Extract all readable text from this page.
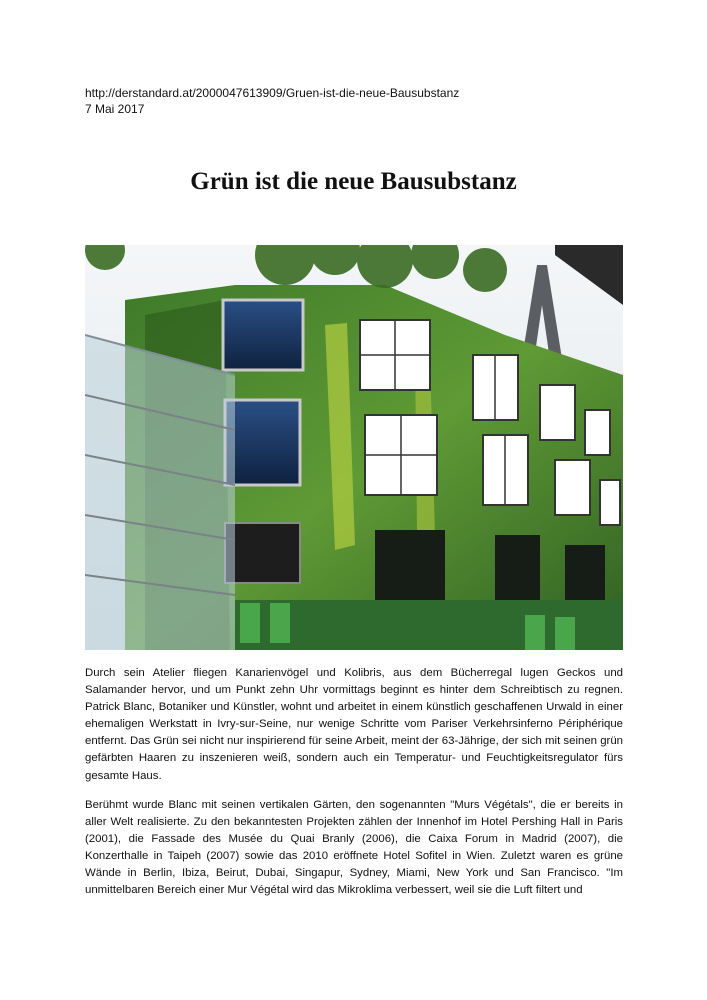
http://derstandard.at/2000047613909/Gruen-ist-die-neue-Bausubstanz
7 Mai 2017
Grün ist die neue Bausubstanz

Durch sein Atelier fliegen Kanarienvögel und Kolibris, aus dem Bücherregal lugen Geckos und Salamander hervor, und um Punkt zehn Uhr vormittags beginnt es hinter dem Schreibtisch zu regnen. Patrick Blanc, Botaniker und Künstler, wohnt und arbeitet in einem künstlich geschaffenen Urwald in einer ehemaligen Werkstatt in Ivry-sur-Seine, nur wenige Schritte vom Pariser Verkehrsinferno Périphérique entfernt. Das Grün sei nicht nur inspirierend für seine Arbeit, meint der 63-Jährige, der sich mit seinen grün gefärbten Haaren zu inszenieren weiß, sondern auch ein Temperatur- und Feuchtigkeitsregulator fürs gesamte Haus.

Berühmt wurde Blanc mit seinen vertikalen Gärten, den sogenannten "Murs Végétals", die er bereits in aller Welt realisierte. Zu den bekanntesten Projekten zählen der Innenhof im Hotel Pershing Hall in Paris (2001), die Fassade des Musée du Quai Branly (2006), die Caixa Forum in Madrid (2007), die Konzerthalle in Taipeh (2007) sowie das 2010 eröffnete Hotel Sofitel in Wien. Zuletzt waren es grüne Wände in Berlin, Ibiza, Beirut, Dubai, Singapur, Sydney, Miami, New York und San Francisco. "Im unmittelbaren Bereich einer Mur Végétal wird das Mikroklima verbessert, weil sie die Luft filtert und
